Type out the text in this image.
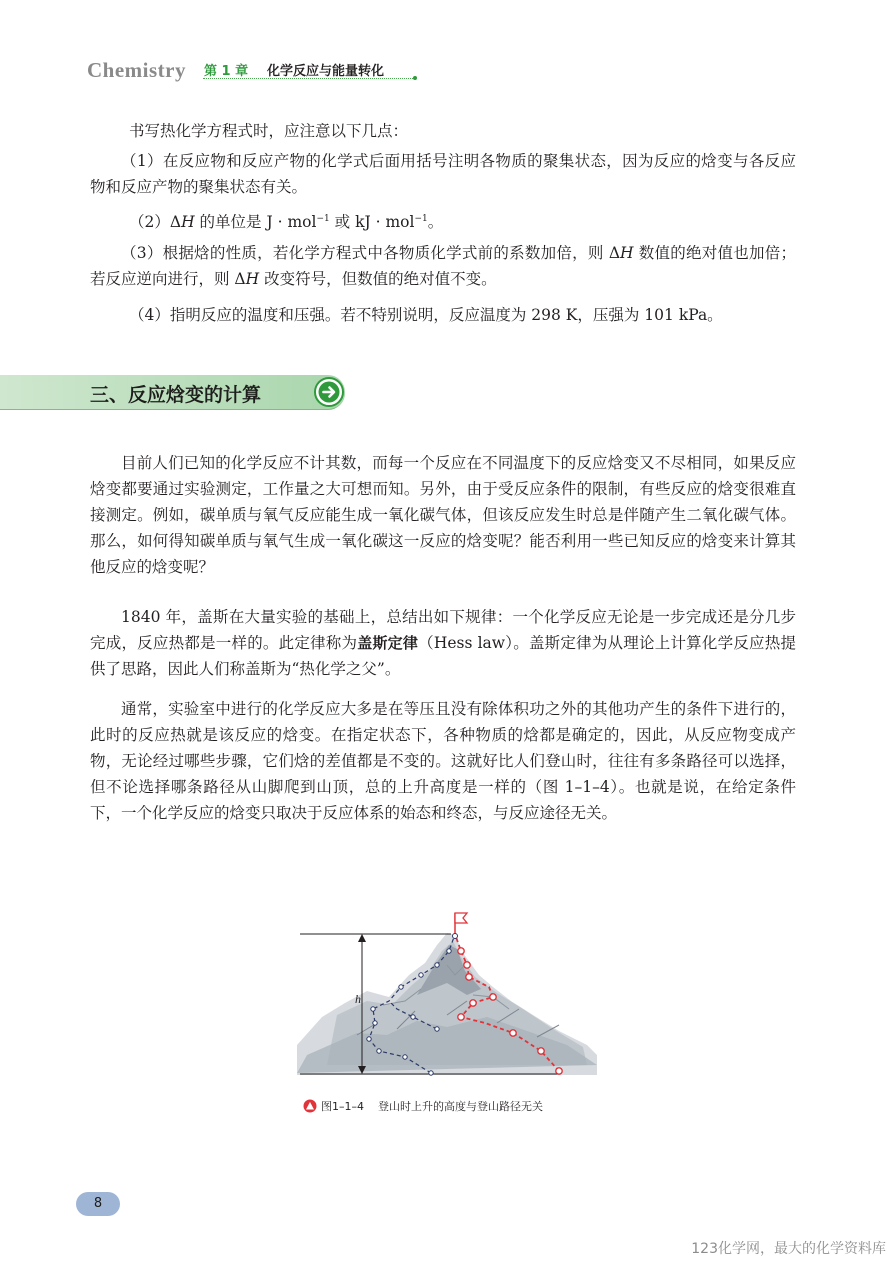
Chemistry 第 1 章 化学反应与能量转化

书写热化学方程式时，应注意以下几点：

（1）在反应物和反应产物的化学式后面用括号注明各物质的聚集状态，因为反应的焓变与各反应物和反应产物的聚集状态有关。

（2）ΔH 的单位是 J · mol$^{-1}$ 或 kJ · mol$^{-1}$。

（3）根据焓的性质，若化学方程式中各物质化学式前的系数加倍，则 ΔH 数值的绝对值也加倍；若反应逆向进行，则 ΔH 改变符号，但数值的绝对值不变。

（4）指明反应的温度和压强。若不特别说明，反应温度为 298 K，压强为 101 kPa。

三、反应焓变的计算

目前人们已知的化学反应不计其数，而每一个反应在不同温度下的反应焓变又不尽相同，如果反应焓变都要通过实验测定，工作量之大可想而知。另外，由于受反应条件的限制，有些反应的焓变很难直接测定。例如，碳单质与氧气反应能生成一氧化碳气体，但该反应发生时总是伴随产生二氧化碳气体。那么，如何得知碳单质与氧气生成一氧化碳这一反应的焓变呢？能否利用一些已知反应的焓变来计算其他反应的焓变呢？

1840 年，盖斯在大量实验的基础上，总结出如下规律：一个化学反应无论是一步完成还是分几步完成，反应热都是一样的。此定律称为盖斯定律（Hess law）。盖斯定律为从理论上计算化学反应热提供了思路，因此人们称盖斯为“热化学之父”。

通常，实验室中进行的化学反应大多是在等压且没有除体积功之外的其他功产生的条件下进行的，此时的反应热就是该反应的焓变。在指定状态下，各种物质的焓都是确定的，因此，从反应物变成产物，无论经过哪些步骤，它们焓的差值都是不变的。这就好比人们登山时，往往有多条路径可以选择，但不论选择哪条路径从山脚爬到山顶，总的上升高度是一样的（图 1–1–4）。也就是说，在给定条件下，一个化学反应的焓变只取决于反应体系的始态和终态，与反应途径无关。

h
图1–1–4 登山时上升的高度与登山路径无关
8
123化学网，最大的化学资料库
